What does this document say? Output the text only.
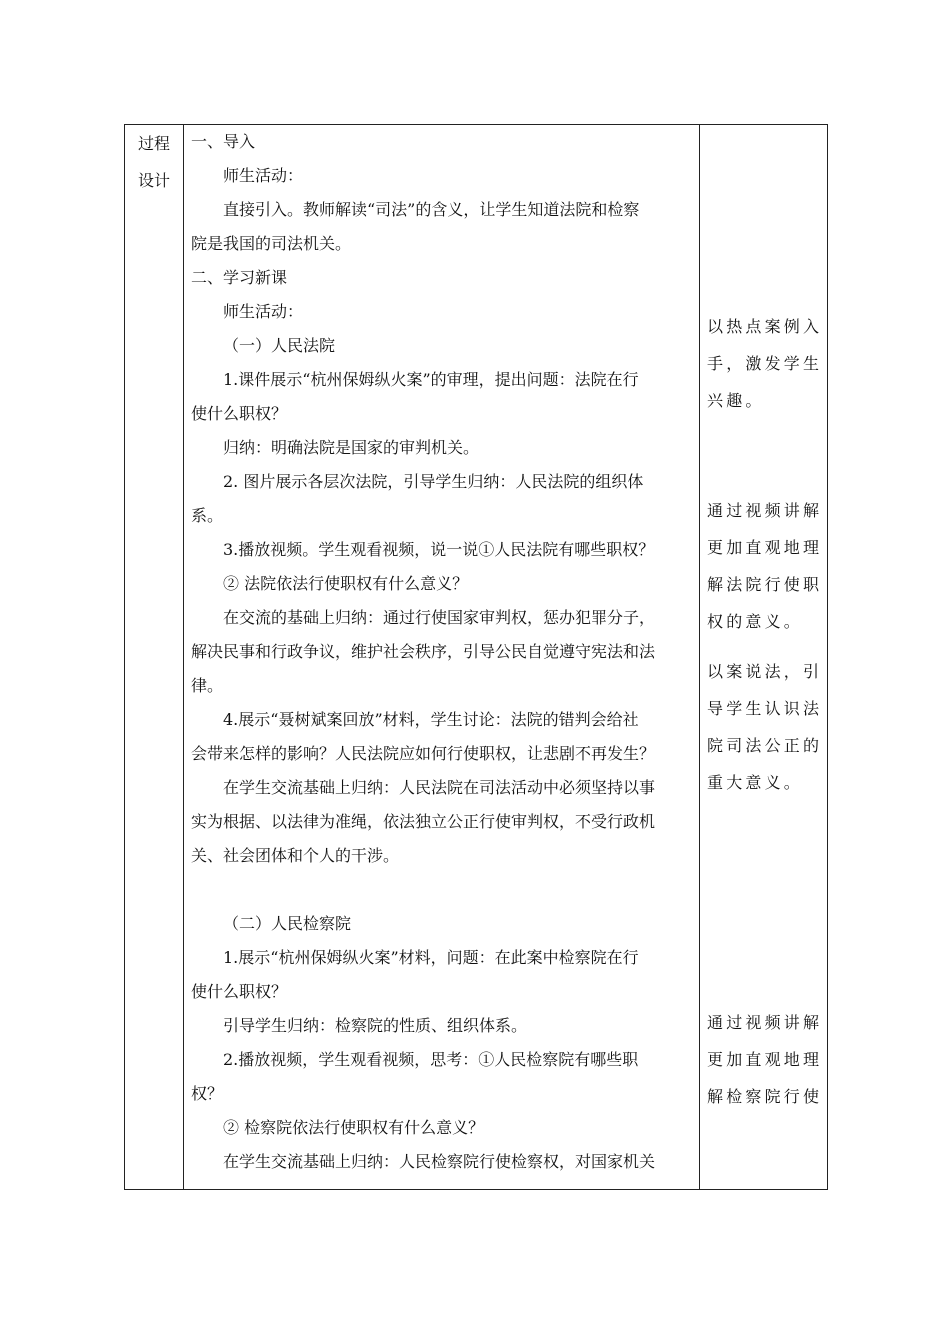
过程
设计
一、导入
师生活动：
直接引入。教师解读“司法”的含义，让学生知道法院和检察
院是我国的司法机关。
二、学习新课
师生活动：
（一）人民法院
1.课件展示“杭州保姆纵火案”的审理，提出问题：法院在行
使什么职权？
归纳：明确法院是国家的审判机关。
2. 图片展示各层次法院，引导学生归纳：人民法院的组织体
系。
3.播放视频。学生观看视频，说一说①人民法院有哪些职权？
② 法院依法行使职权有什么意义？
在交流的基础上归纳：通过行使国家审判权，惩办犯罪分子，
解决民事和行政争议，维护社会秩序，引导公民自觉遵守宪法和法
律。
4.展示“聂树斌案回放”材料，学生讨论：法院的错判会给社
会带来怎样的影响？人民法院应如何行使职权，让悲剧不再发生？
在学生交流基础上归纳：人民法院在司法活动中必须坚持以事
实为根据、以法律为准绳，依法独立公正行使审判权，不受行政机
关、社会团体和个人的干涉。
（二）人民检察院
1.展示“杭州保姆纵火案”材料，问题：在此案中检察院在行
使什么职权？
引导学生归纳：检察院的性质、组织体系。
2.播放视频，学生观看视频，思考：①人民检察院有哪些职
权？
② 检察院依法行使职权有什么意义？
在学生交流基础上归纳：人民检察院行使检察权，对国家机关
以热点案例入
手，激发学生
兴趣。
通过视频讲解
更加直观地理
解法院行使职
权的意义。
以案说法，引
导学生认识法
院司法公正的
重大意义。
通过视频讲解
更加直观地理
解检察院行使
